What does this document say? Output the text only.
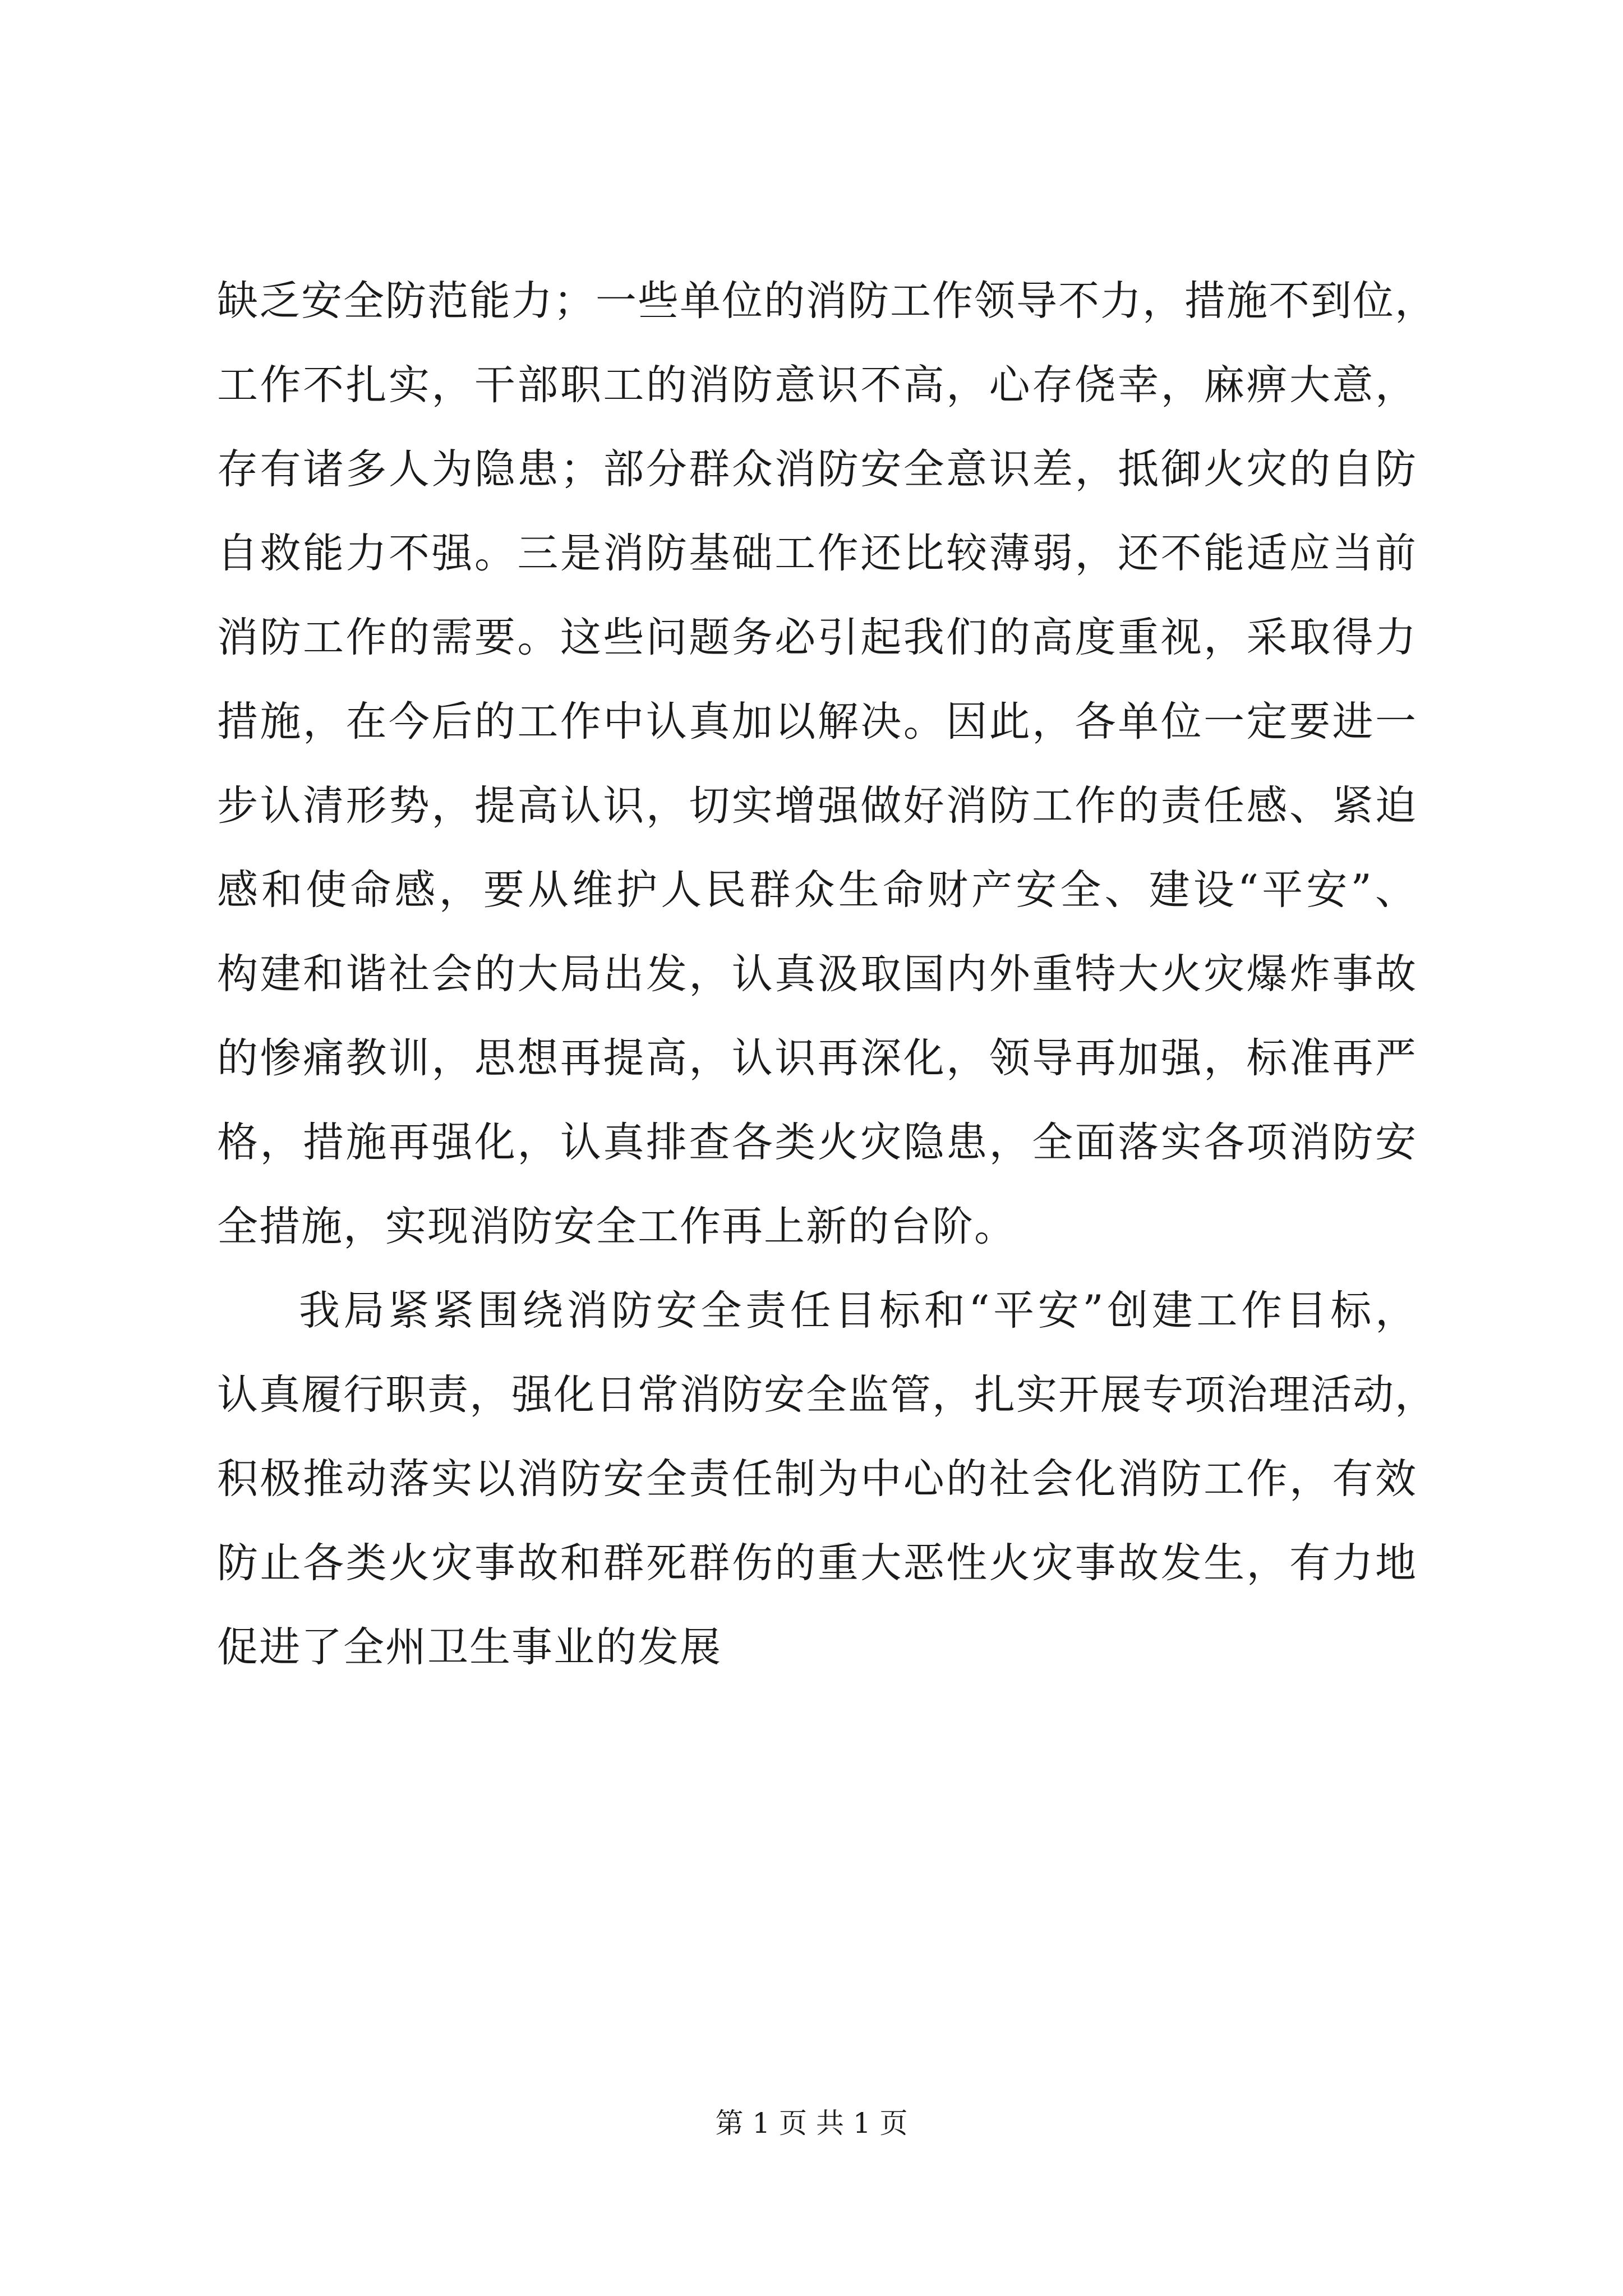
缺乏安全防范能力；一些单位的消防工作领导不力，措施不到位，
工作不扎实，干部职工的消防意识不高，心存侥幸，麻痹大意，
存有诸多人为隐患；部分群众消防安全意识差，抵御火灾的自防
自救能力不强。三是消防基础工作还比较薄弱，还不能适应当前
消防工作的需要。这些问题务必引起我们的高度重视，采取得力
措施，在今后的工作中认真加以解决。因此，各单位一定要进一
步认清形势，提高认识，切实增强做好消防工作的责任感、紧迫
感和使命感，要从维护人民群众生命财产安全、建设“平安”、
构建和谐社会的大局出发，认真汲取国内外重特大火灾爆炸事故
的惨痛教训，思想再提高，认识再深化，领导再加强，标准再严
格，措施再强化，认真排查各类火灾隐患，全面落实各项消防安
全措施，实现消防安全工作再上新的台阶。
我局紧紧围绕消防安全责任目标和“平安”创建工作目标，
认真履行职责，强化日常消防安全监管，扎实开展专项治理活动，
积极推动落实以消防安全责任制为中心的社会化消防工作，有效
防止各类火灾事故和群死群伤的重大恶性火灾事故发生，有力地
促进了全州卫生事业的发展
第 1 页 共 1 页
